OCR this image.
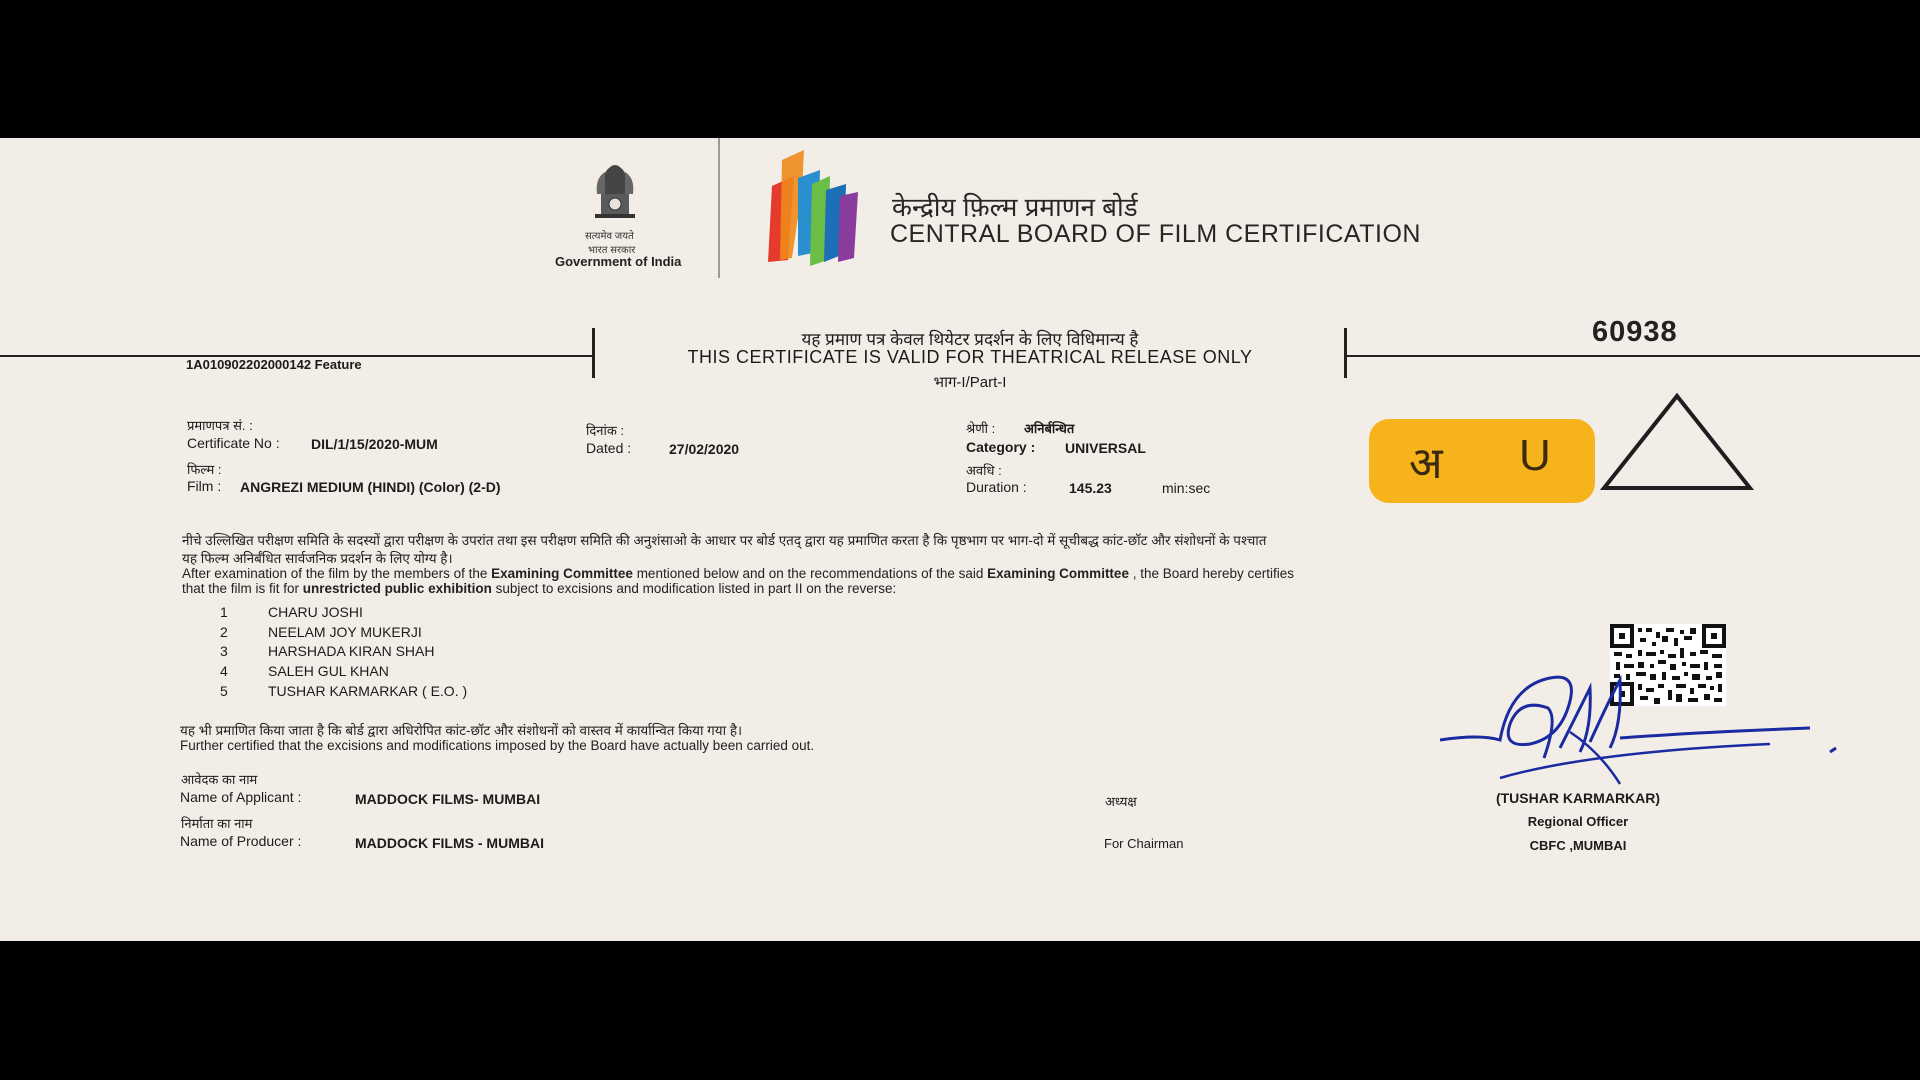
सत्यमेव जयते
भारत सरकार
Government of India
केन्द्रीय फ़िल्म प्रमाणन बोर्ड
CENTRAL BOARD OF FILM CERTIFICATION
यह प्रमाण पत्र केवल थियेटर प्रदर्शन के लिए विधिमान्य है
THIS CERTIFICATE IS VALID FOR THEATRICAL RELEASE ONLY
भाग-I/Part-I
1A010902202000142 Feature
60938
प्रमाणपत्र सं. :
Certificate No : DIL/1/15/2020-MUM
फिल्म :
Film : ANGREZI MEDIUM (HINDI) (Color) (2-D)
दिनांक :
Dated :	27/02/2020
श्रेणी : अनिर्बन्धित
Category : UNIVERSAL
अवधि :
Duration :	145.23	min:sec	अ U
नीचे उल्लिखित परीक्षण समिति के सदस्यों द्वारा परीक्षण के उपरांत तथा इस परीक्षण समिति की अनुशंसाओ के आधार पर बोर्ड एतद् द्वारा यह प्रमाणित करता है कि पृष्ठभाग पर भाग-दो में सूचीबद्ध कांट-छॉट और संशोधनों के पश्चात
यह फिल्म अनिर्बंधित सार्वजनिक प्रदर्शन के लिए योग्य है।
After examination of the film by the members of the Examining Committee mentioned below and on the recommendations of the said Examining Committee , the Board hereby certifies
that the film is fit for unrestricted public exhibition subject to excisions and modification listed in part II on the reverse:
1	CHARU JOSHI
2	NEELAM JOY MUKERJI
3	HARSHADA KIRAN SHAH
4	SALEH GUL KHAN
5	TUSHAR KARMARKAR ( E.O. )
यह भी प्रमाणित किया जाता है कि बोर्ड द्वारा अधिरोपित कांट-छॉट और संशोधनों को वास्तव में कार्यान्वित किया गया है।
Further certified that the excisions and modifications imposed by the Board have actually been carried out.
आवेदक का नाम
Name of Applicant :	MADDOCK FILMS- MUMBAI
निर्माता का नाम
Name of Producer :	MADDOCK FILMS - MUMBAI
अध्यक्ष
For Chairman
(TUSHAR KARMARKAR)
Regional Officer
CBFC ,MUMBAI
